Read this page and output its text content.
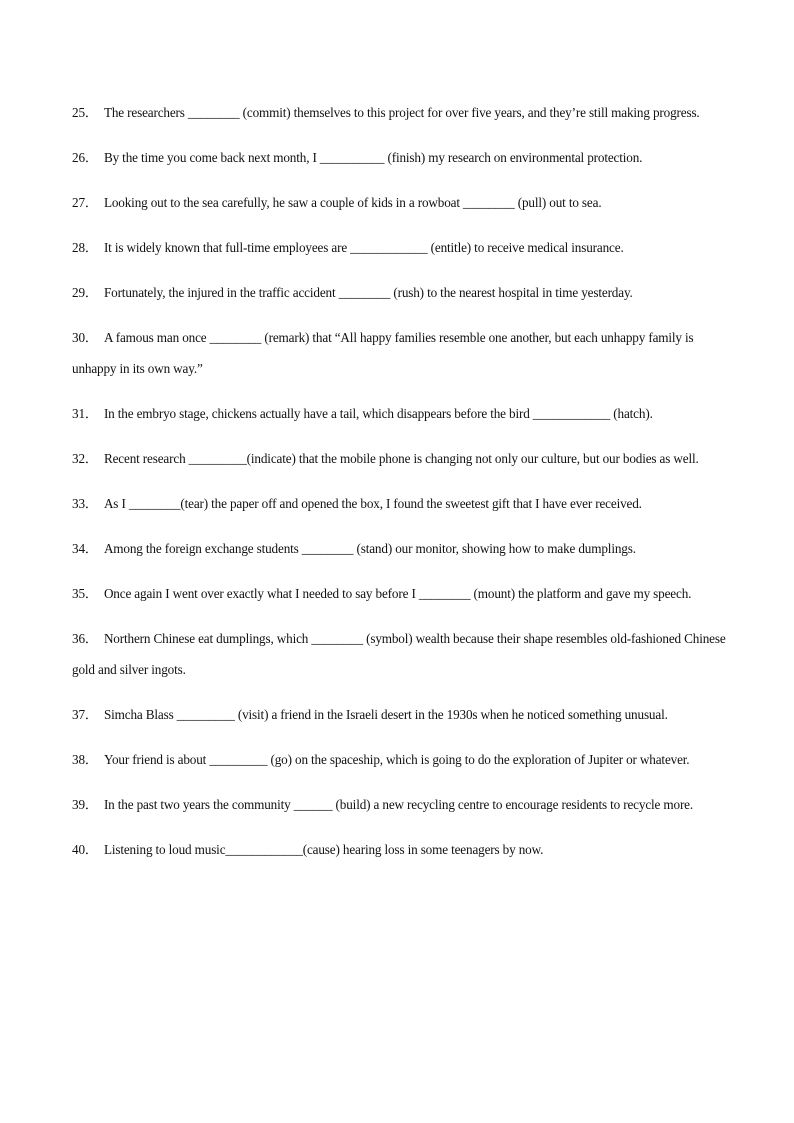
25． The researchers ________ (commit) themselves to this project for over five years, and they’re still making progress.
26． By the time you come back next month, I __________ (finish) my research on environmental protection.
27． Looking out to the sea carefully, he saw a couple of kids in a rowboat ________ (pull) out to sea.
28． It is widely known that full-time employees are ____________ (entitle) to receive medical insurance.
29． Fortunately, the injured in the traffic accident ________ (rush) to the nearest hospital in time yesterday.
30． A famous man once ________ (remark) that “All happy families resemble one another, but each unhappy family is unhappy in its own way.”
31． In the embryo stage, chickens actually have a tail, which disappears before the bird ____________ (hatch).
32． Recent research _________(indicate) that the mobile phone is changing not only our culture, but our bodies as well.
33． As I ________(tear) the paper off and opened the box, I found the sweetest gift that I have ever received.
34． Among the foreign exchange students ________ (stand) our monitor, showing how to make dumplings.
35． Once again I went over exactly what I needed to say before I ________ (mount) the platform and gave my speech.
36． Northern Chinese eat dumplings, which ________ (symbol) wealth because their shape resembles old-fashioned Chinese gold and silver ingots.
37． Simcha Blass _________ (visit) a friend in the Israeli desert in the 1930s when he noticed something unusual.
38． Your friend is about _________ (go) on the spaceship, which is going to do the exploration of Jupiter or whatever.
39． In the past two years the community ______ (build) a new recycling centre to encourage residents to recycle more.
40． Listening to loud music____________(cause) hearing loss in some teenagers by now.
